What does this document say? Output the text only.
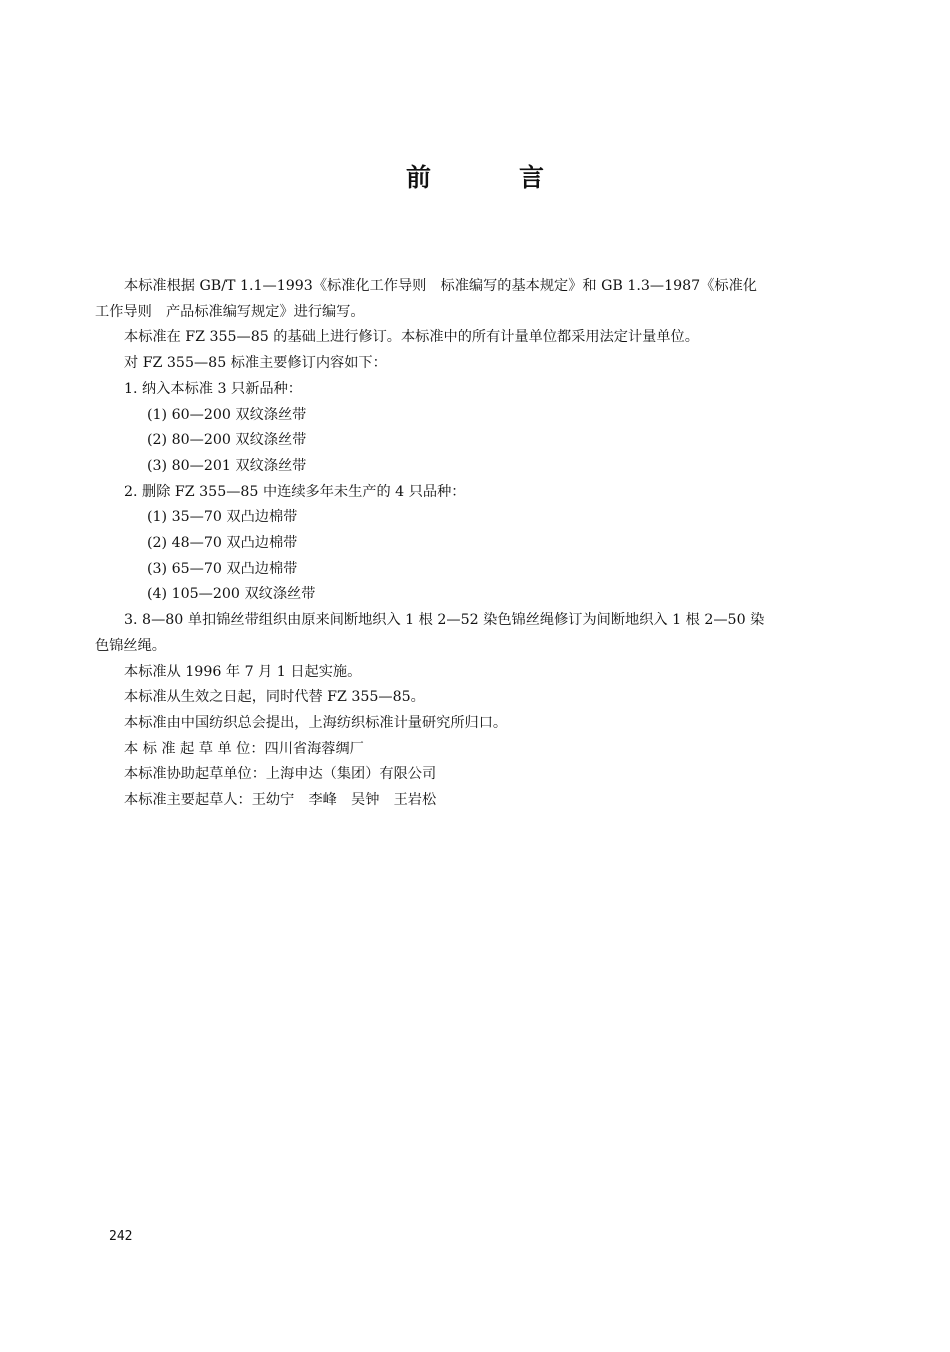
前	言

本标准根据 GB/T 1.1—1993《标准化工作导则　标准编写的基本规定》和 GB 1.3—1987《标准化

工作导则　产品标准编写规定》进行编写。

本标准在 FZ 355—85 的基础上进行修订。本标准中的所有计量单位都采用法定计量单位。

对 FZ 355—85 标准主要修订内容如下：

1. 纳入本标准 3 只新品种：

(1) 60—200 双纹涤丝带

(2) 80—200 双纹涤丝带

(3) 80—201 双纹涤丝带

2. 删除 FZ 355—85 中连续多年未生产的 4 只品种：

(1) 35—70 双凸边棉带

(2) 48—70 双凸边棉带

(3) 65—70 双凸边棉带

(4) 105—200 双纹涤丝带

3. 8—80 单扣锦丝带组织由原来间断地织入 1 根 2—52 染色锦丝绳修订为间断地织入 1 根 2—50 染

色锦丝绳。

本标准从 1996 年 7 月 1 日起实施。

本标准从生效之日起，同时代替 FZ 355—85。

本标准由中国纺织总会提出，上海纺织标准计量研究所归口。

本 标 准 起 草 单 位：四川省海蓉绸厂

本标准协助起草单位：上海申达（集团）有限公司

本标准主要起草人：王幼宁　李峰　吴钟　王岩松

242
